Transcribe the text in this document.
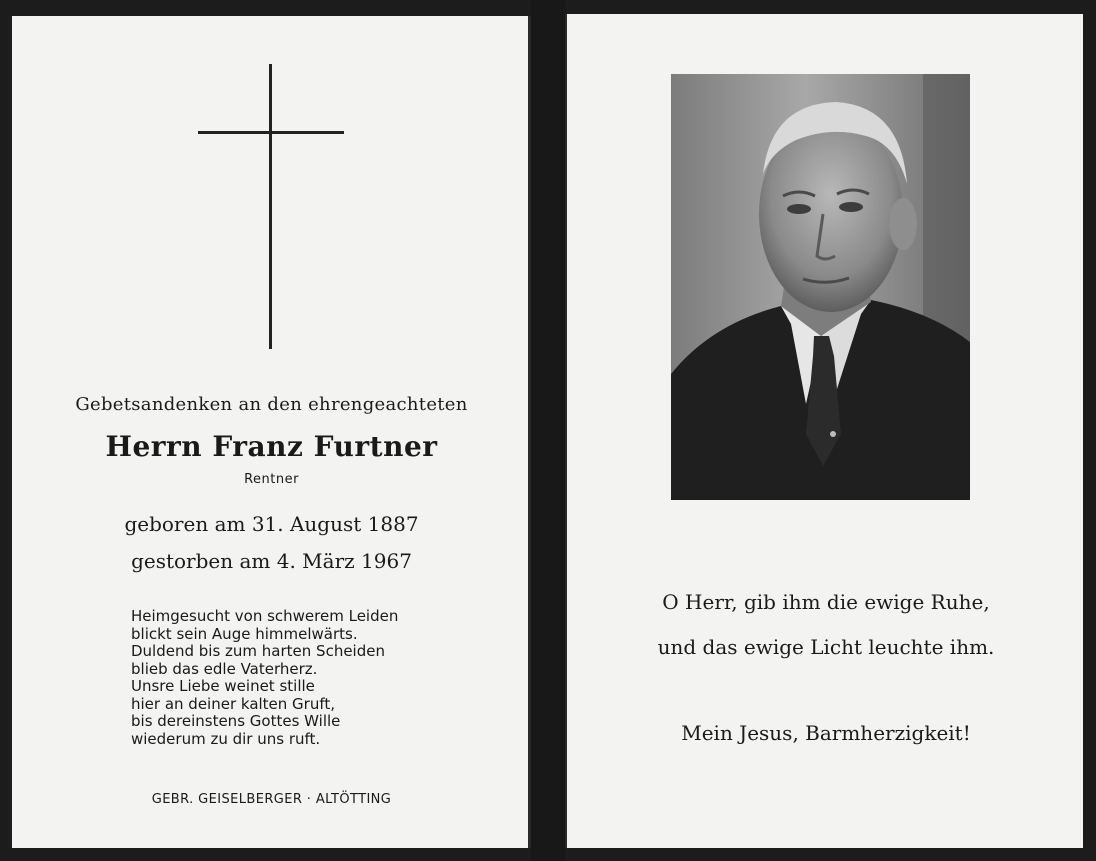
Gebetsandenken an den ehrengeachteten
Herrn Franz Furtner
Rentner
geboren am 31. August 1887
gestorben am 4. März 1967
Heimgesucht von schwerem Leiden
blickt sein Auge himmelwärts.
Duldend bis zum harten Scheiden
blieb das edle Vaterherz.
Unsre Liebe weinet stille
hier an deiner kalten Gruft,
bis dereinstens Gottes Wille
wiederum zu dir uns ruft.
GEBR. GEISELBERGER · ALTÖTTING
O Herr, gib ihm die ewige Ruhe,
und das ewige Licht leuchte ihm.
Mein Jesus, Barmherzigkeit!
